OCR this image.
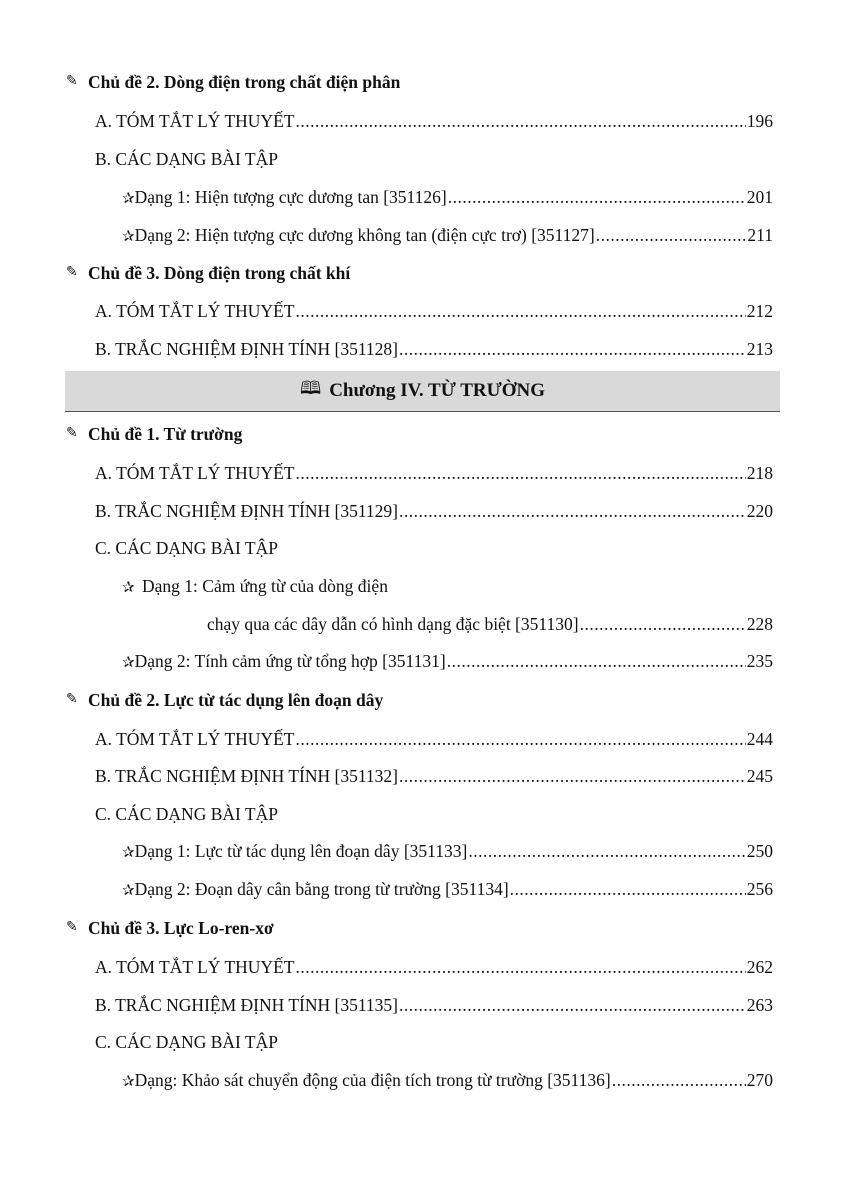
✎ Chủ đề 2. Dòng điện trong chất điện phân
A. TÓM TẮT LÝ THUYẾT .....	196
B. CÁC DẠNG BÀI TẬP
✰ Dạng 1: Hiện tượng cực dương tan [351126] .....	201
✰ Dạng 2: Hiện tượng cực dương không tan (điện cực trơ) [351127] .....	211
✎ Chủ đề 3. Dòng điện trong chất khí
A. TÓM TẮT LÝ THUYẾT .....	212
B. TRẮC NGHIỆM ĐỊNH TÍNH [351128] .....	213
🕮 Chương IV. TỪ TRƯỜNG
✎ Chủ đề 1. Từ trường
A. TÓM TẮT LÝ THUYẾT .....	218
B. TRẮC NGHIỆM ĐỊNH TÍNH [351129] .....	220
C. CÁC DẠNG BÀI TẬP
✰ Dạng 1: Cảm ứng từ của dòng điện
chạy qua các dây dẫn có hình dạng đặc biệt [351130] .....	228
✰ Dạng 2: Tính cảm ứng từ tổng hợp [351131] .....	235
✎ Chủ đề 2. Lực từ tác dụng lên đoạn dây
A. TÓM TẮT LÝ THUYẾT .....	244
B. TRẮC NGHIỆM ĐỊNH TÍNH [351132] .....	245
C. CÁC DẠNG BÀI TẬP
✰ Dạng 1: Lực từ tác dụng lên đoạn dây [351133] .....	250
✰ Dạng 2: Đoạn dây cân bằng trong từ trường [351134] .....	256
✎ Chủ đề 3. Lực Lo-ren-xơ
A. TÓM TẮT LÝ THUYẾT .....	262
B. TRẮC NGHIỆM ĐỊNH TÍNH [351135] .....	263
C. CÁC DẠNG BÀI TẬP
✰ Dạng: Khảo sát chuyển động của điện tích trong từ trường [351136] .....	270
